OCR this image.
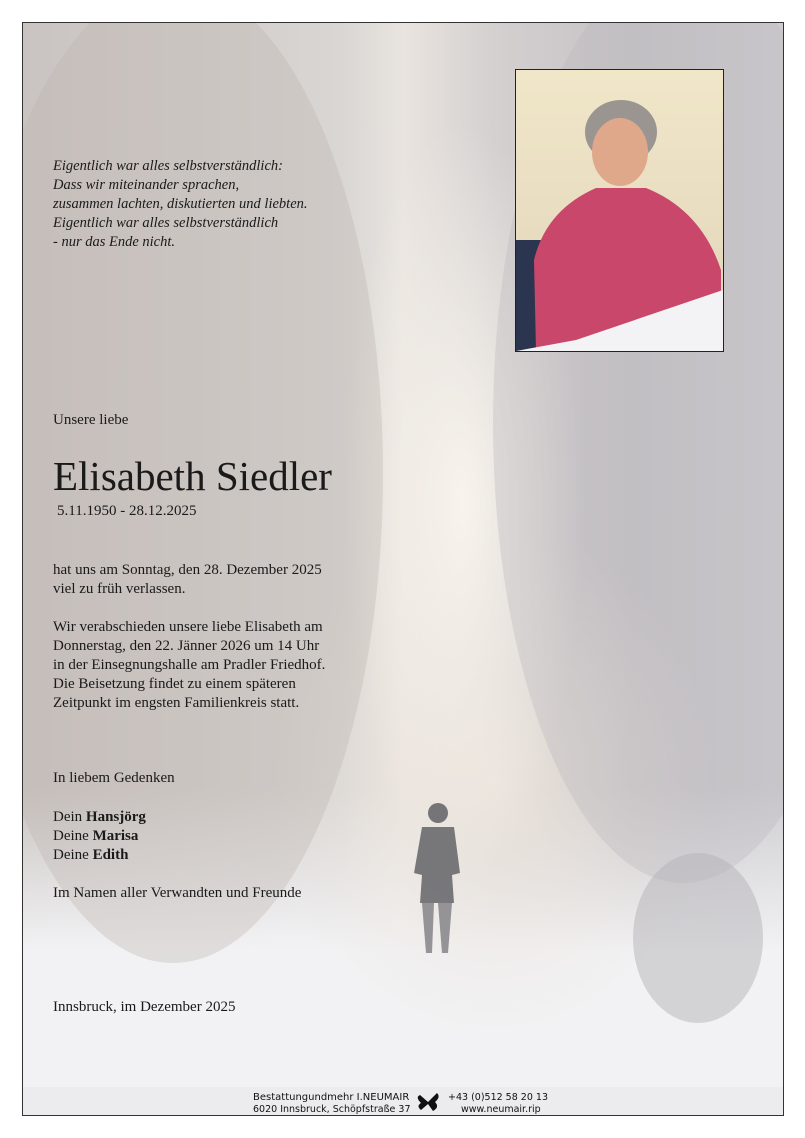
Eigentlich war alles selbstverständlich:
Dass wir miteinander sprachen,
zusammen lachten, diskutierten und liebten.
Eigentlich war alles selbstverständlich
- nur das Ende nicht.
Unsere liebe
Elisabeth Siedler
5.11.1950 - 28.12.2025
hat uns am Sonntag, den 28. Dezember 2025
viel zu früh verlassen.
Wir verabschieden unsere liebe Elisabeth am
Donnerstag, den 22. Jänner 2026 um 14 Uhr
in der Einsegnungshalle am Pradler Friedhof.
Die Beisetzung findet zu einem späteren
Zeitpunkt im engsten Familienkreis statt.
In liebem Gedenken
Dein Hansjörg
Deine Marisa
Deine Edith
Im Namen aller Verwandten und Freunde
Innsbruck, im Dezember 2025
Bestattungundmehr I.NEUMAIR
6020 Innsbruck, Schöpfstraße 37
+43 (0)512 58 20 13
www.neumair.rip
